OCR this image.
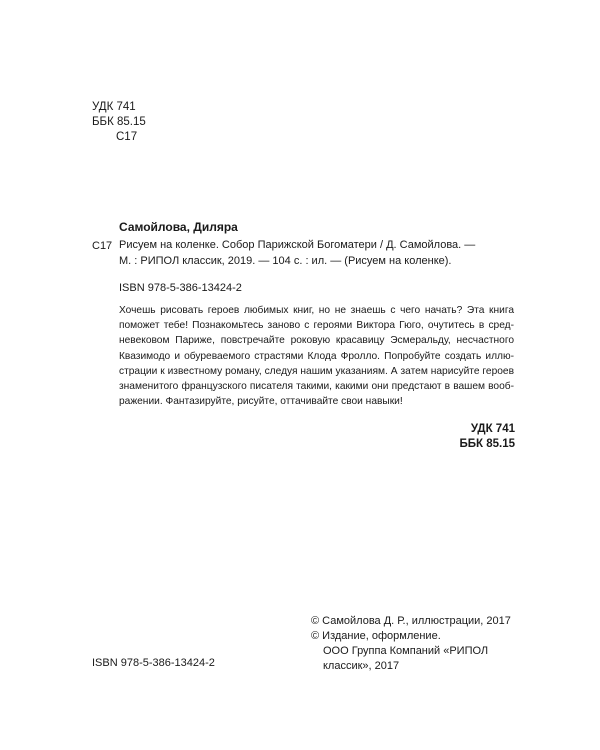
УДК 741
ББК 85.15
С17
Самойлова, Диляра
С17 Рисуем на коленке. Собор Парижской Богоматери / Д. Самойлова. —
М. : РИПОЛ классик, 2019. — 104 с. : ил. — (Рисуем на коленке).
ISBN 978-5-386-13424-2
Хочешь рисовать героев любимых книг, но не знаешь с чего начать? Эта книга
поможет тебе! Познакомьтесь заново с героями Виктора Гюго, очутитесь в сред-
невековом Париже, повстречайте роковую красавицу Эсмеральду, несчастного
Квазимодо и обуреваемого страстями Клода Фролло. Попробуйте создать иллю-
страции к известному роману, следуя нашим указаниям. А затем нарисуйте героев
знаменитого французского писателя такими, какими они предстают в вашем вооб-
ражении. Фантазируйте, рисуйте, оттачивайте свои навыки!
УДК 741
ББК 85.15
© Самойлова Д. Р., иллюстрации, 2017
© Издание, оформление.
ООО Группа Компаний «РИПОЛ
классик», 2017
ISBN 978-5-386-13424-2
